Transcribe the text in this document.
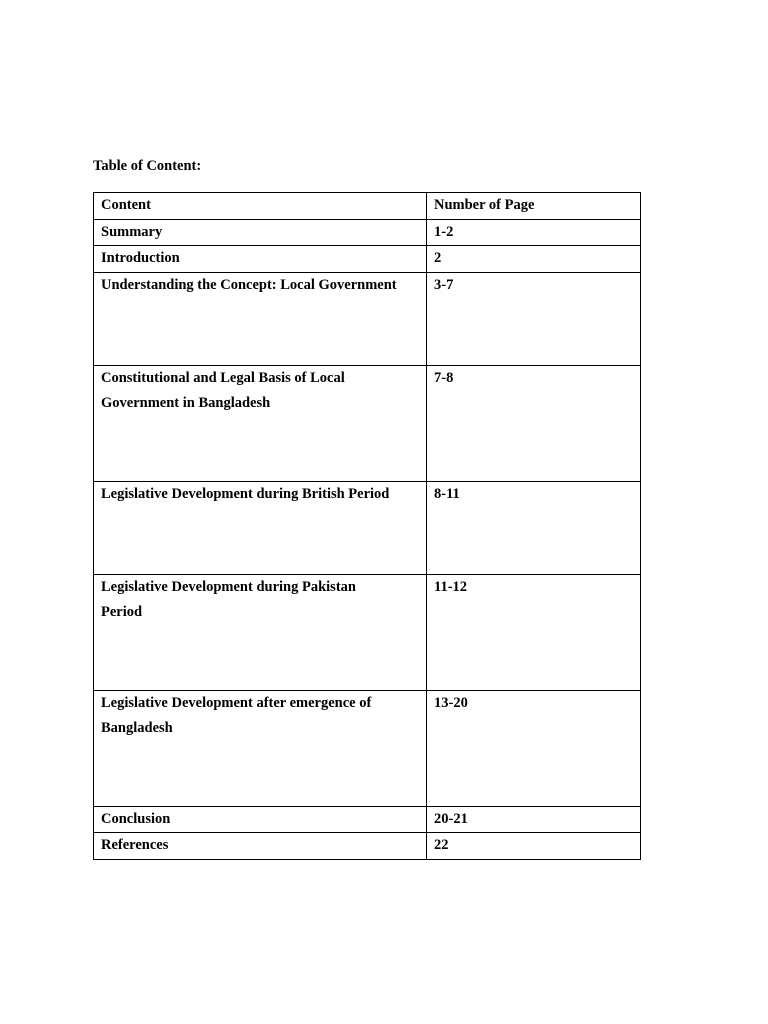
Table of Content:

Content	Number of Page
Summary	1-2
Introduction	2
Understanding the Concept: Local Government	3-7
Constitutional and Legal Basis of Local Government in Bangladesh	7-8
Legislative Development during British Period	8-11
Legislative Development during Pakistan Period	11-12
Legislative Development after emergence of Bangladesh	13-20
Conclusion	20-21
References	22
